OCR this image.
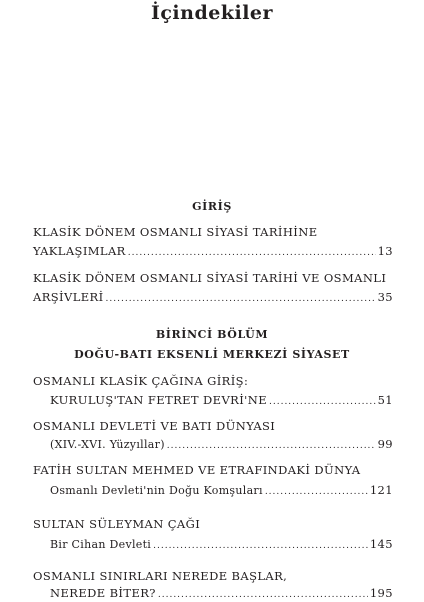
İçindekiler
GİRİŞ
KLASİK DÖNEM OSMANLI SİYASİ TARİHİNE
YAKLAŞIMLAR .....	13
KLASİK DÖNEM OSMANLI SİYASİ TARİHİ VE OSMANLI
ARŞİVLERİ .....	35
BİRİNCİ BÖLÜM
DOĞU-BATI EKSENLİ MERKEZİ SİYASET
OSMANLI KLASİK ÇAĞINA GİRİŞ:
KURULUŞ'TAN FETRET DEVRİ'NE .....	51
OSMANLI DEVLETİ VE BATI DÜNYASI
(XIV.-XVI. Yüzyıllar) .....	99
FATİH SULTAN MEHMED VE ETRAFINDAKİ DÜNYA
Osmanlı Devleti'nin Doğu Komşuları .....	121
SULTAN SÜLEYMAN ÇAĞI
Bir Cihan Devleti .....	145
OSMANLI SINIRLARI NEREDE BAŞLAR,
NEREDE BİTER? .....	195
